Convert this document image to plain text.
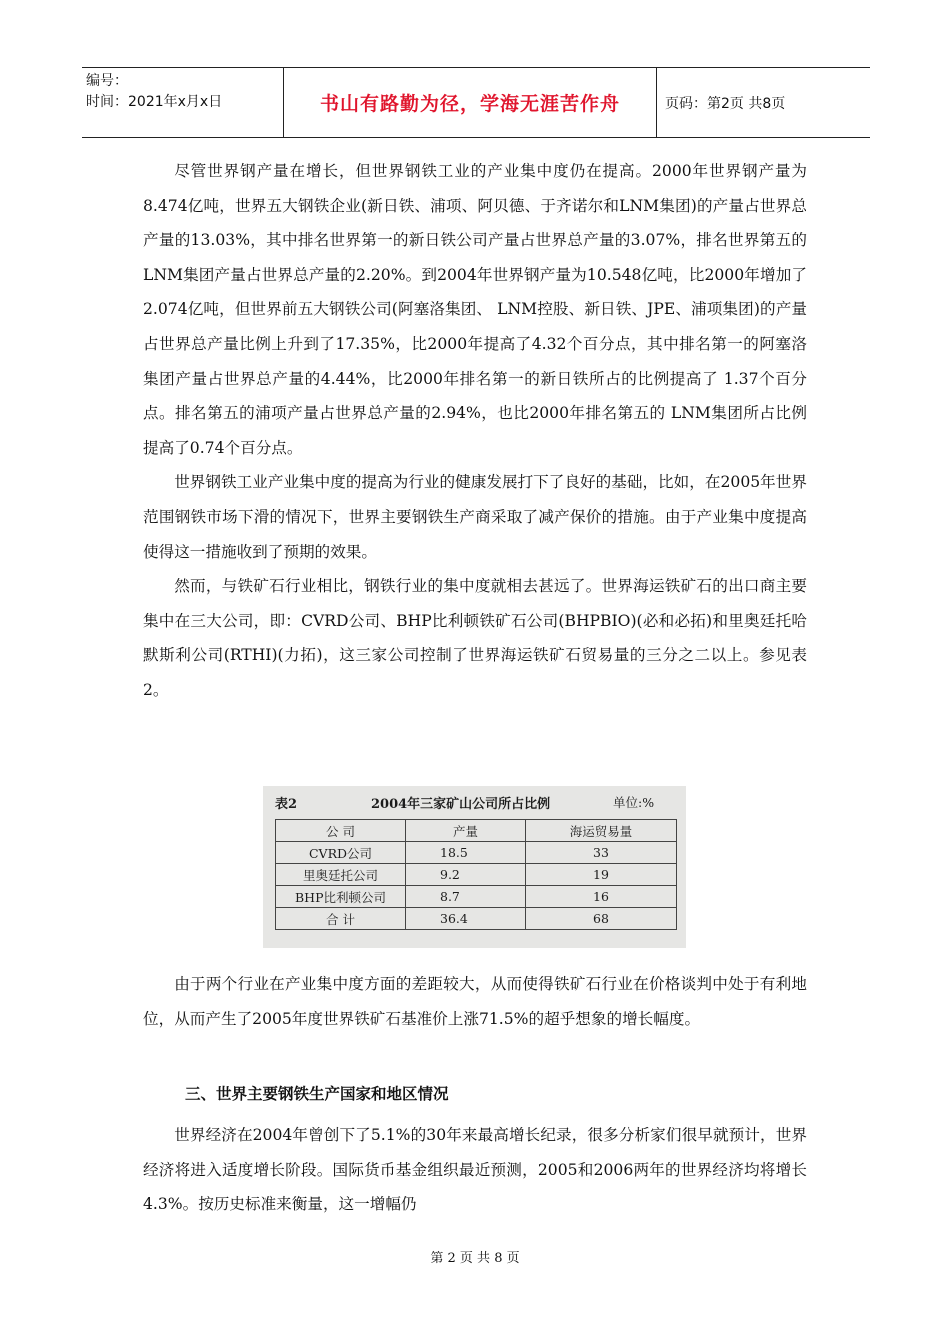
编号：
时间：2021年x月x日	书山有路勤为径，学海无涯苦作舟	页码：第2页 共8页

尽管世界钢产量在增长，但世界钢铁工业的产业集中度仍在提高。2000年世界钢产量为8.474亿吨，世界五大钢铁企业(新日铁、浦项、阿贝德、于齐诺尔和LNM集团)的产量占世界总产量的13.03%，其中排名世界第一的新日铁公司产量占世界总产量的3.07%，排名世界第五的LNM集团产量占世界总产量的2.20%。到2004年世界钢产量为10.548亿吨，比2000年增加了2.074亿吨，但世界前五大钢铁公司(阿塞洛集团、 LNM控股、新日铁、JPE、浦项集团)的产量占世界总产量比例上升到了17.35%，比2000年提高了4.32个百分点，其中排名第一的阿塞洛集团产量占世界总产量的4.44%，比2000年排名第一的新日铁所占的比例提高了 1.37个百分点。排名第五的浦项产量占世界总产量的2.94%，也比2000年排名第五的 LNM集团所占比例提高了0.74个百分点。

世界钢铁工业产业集中度的提高为行业的健康发展打下了良好的基础，比如，在2005年世界范围钢铁市场下滑的情况下，世界主要钢铁生产商采取了减产保价的措施。由于产业集中度提高使得这一措施收到了预期的效果。

然而，与铁矿石行业相比，钢铁行业的集中度就相去甚远了。世界海运铁矿石的出口商主要集中在三大公司，即：CVRD公司、BHP比利顿铁矿石公司(BHPBIO)(必和必拓)和里奥廷托哈默斯利公司(RTHI)(力拓)，这三家公司控制了世界海运铁矿石贸易量的三分之二以上。参见表2。

表2	2004年三家矿山公司所占比例	单位:%
公 司	产量	海运贸易量
CVRD公司	18.5	33
里奥廷托公司	9.2	19
BHP比利顿公司	8.7	16
合 计	36.4	68

由于两个行业在产业集中度方面的差距较大，从而使得铁矿石行业在价格谈判中处于有利地位，从而产生了2005年度世界铁矿石基准价上涨71.5%的超乎想象的增长幅度。

三、世界主要钢铁生产国家和地区情况

世界经济在2004年曾创下了5.1%的30年来最高增长纪录，很多分析家们很早就预计，世界经济将进入适度增长阶段。国际货币基金组织最近预测，2005和2006两年的世界经济均将增长4.3%。按历史标准来衡量，这一增幅仍

第 2 页 共 8 页
